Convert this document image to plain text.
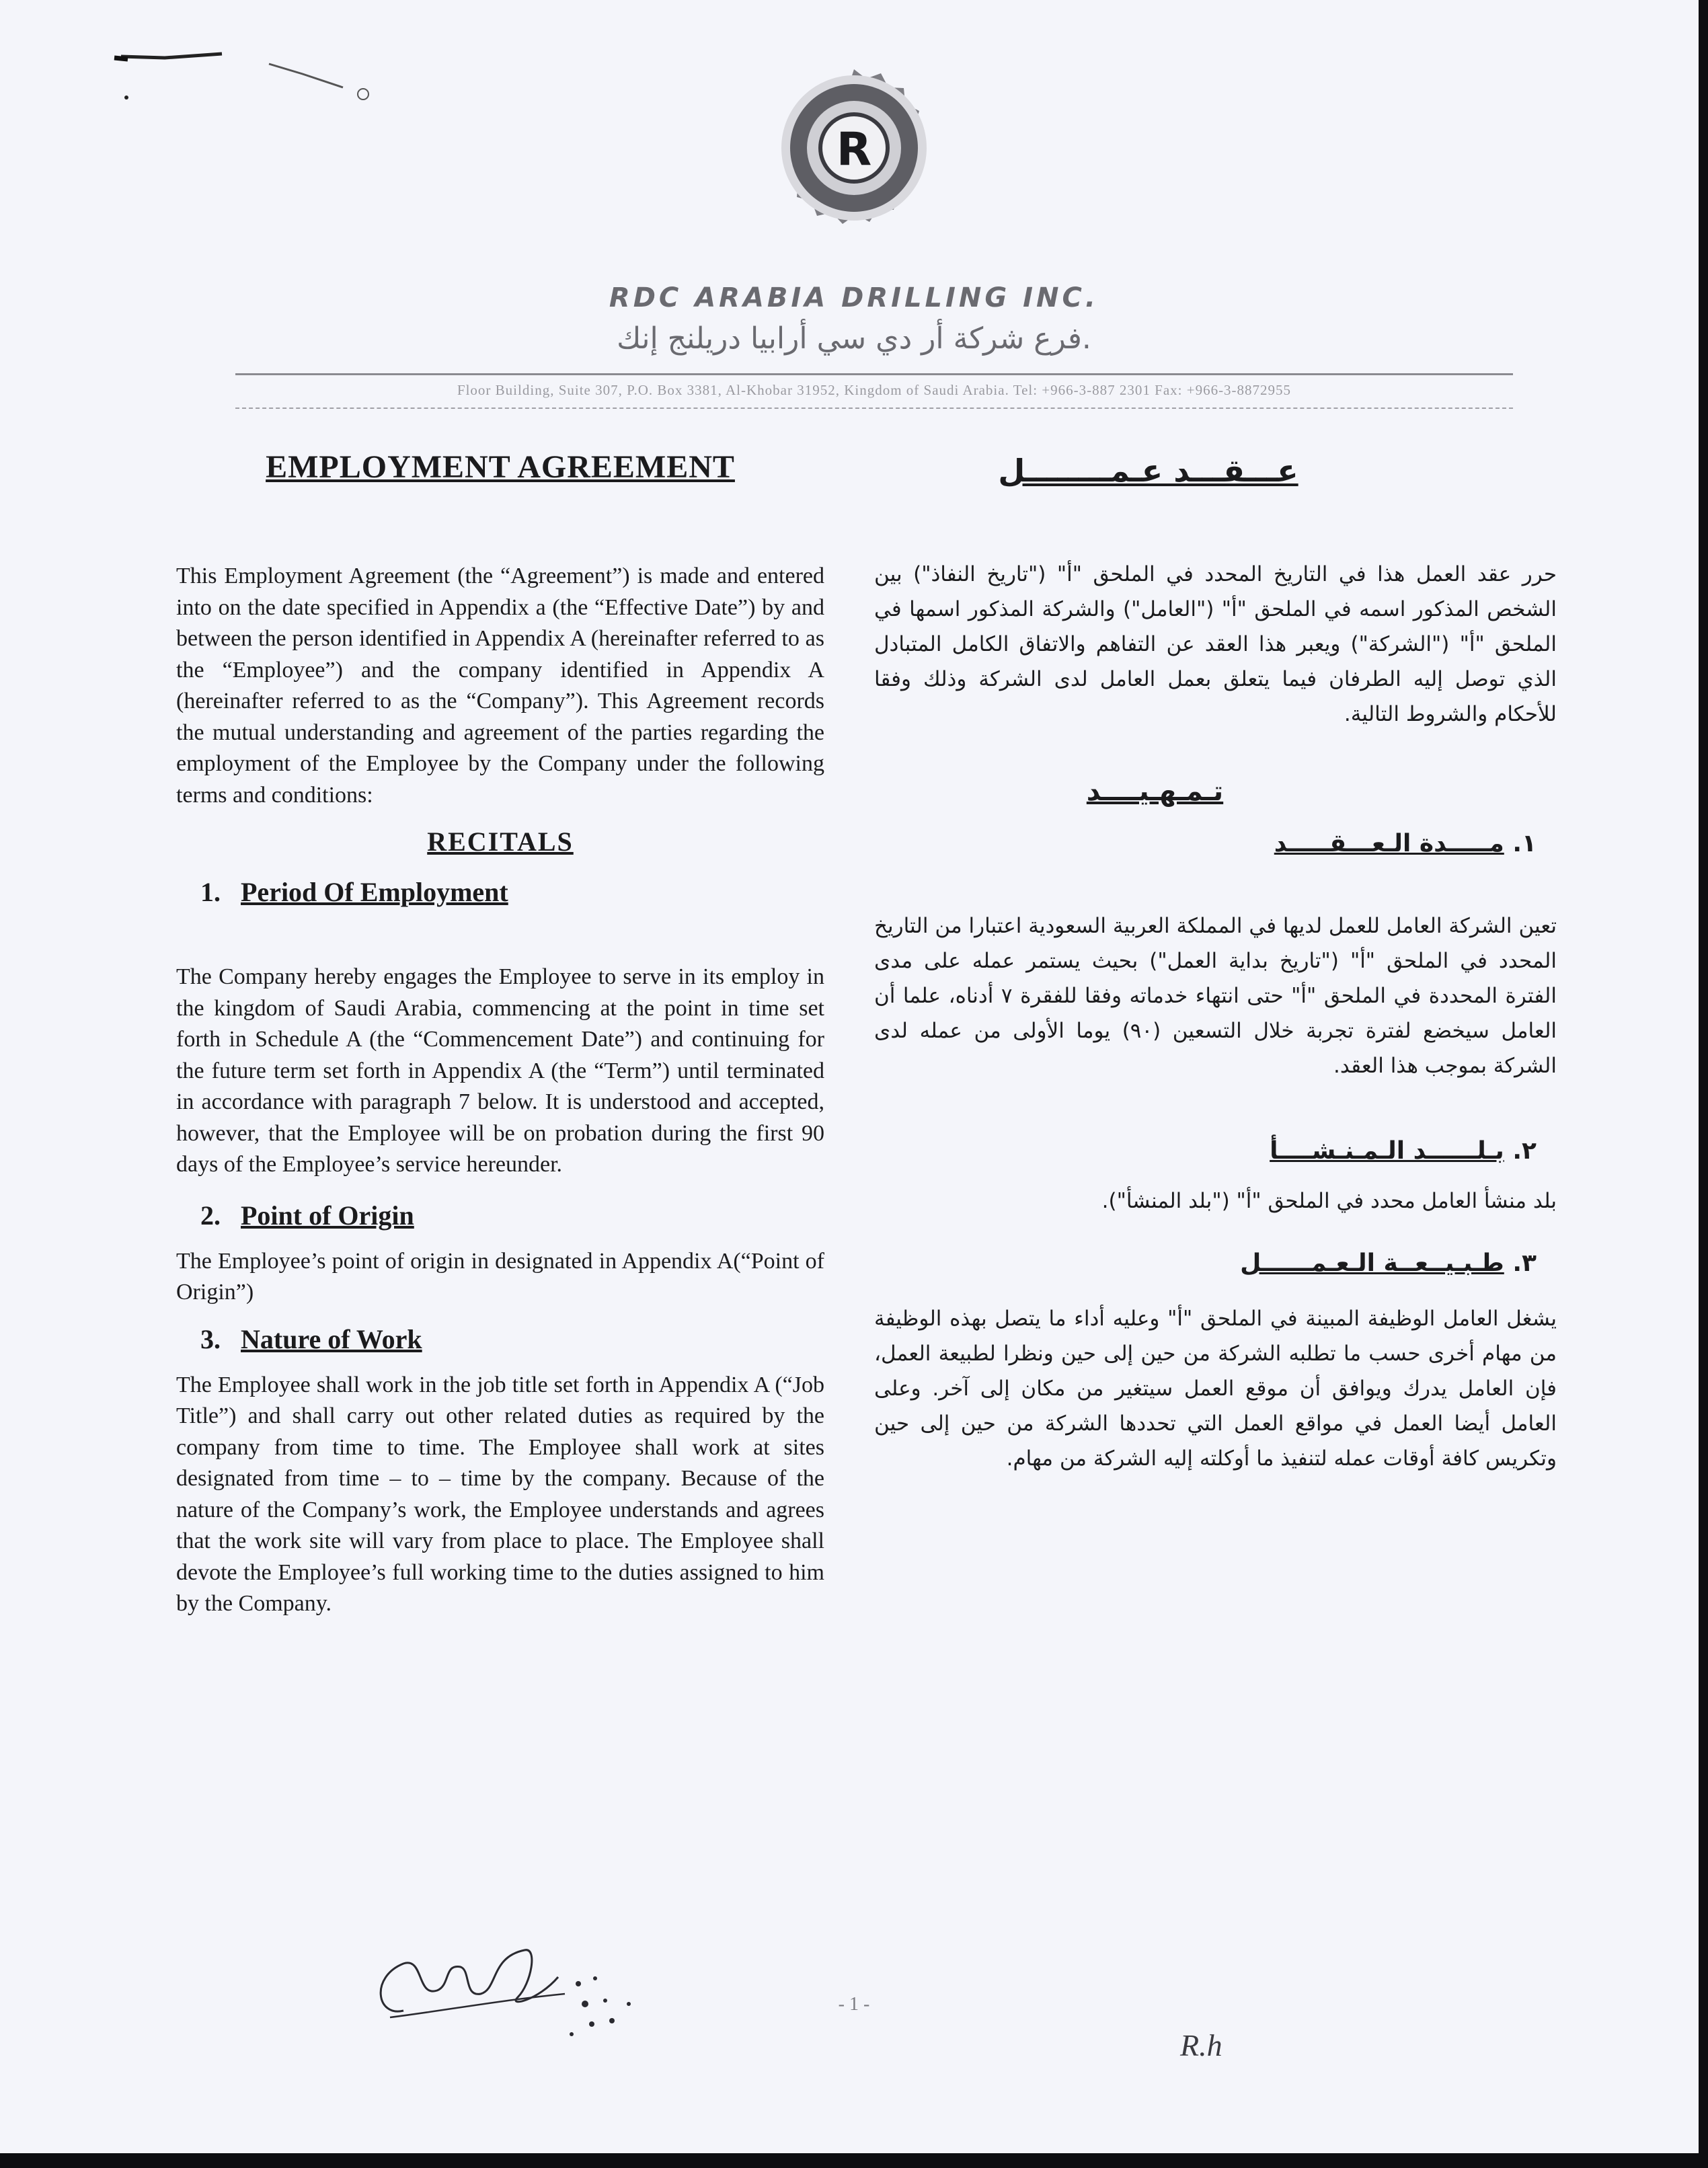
R
RDC ARABIA DRILLING INC.
فرع شركة أر دي سي أرابيا دريلنج إنك.
Floor Building, Suite 307, P.O. Box 3381, Al-Khobar 31952, Kingdom of Saudi Arabia. Tel: +966-3-887 2301 Fax: +966-3-8872955
EMPLOYMENT AGREEMENT

This Employment Agreement (the “Agreement”) is made and entered into on the date specified in Appendix a (the “Effective Date”) by and between the person identified in Appendix A (hereinafter referred to as the “Employee”) and the company identified in Appendix A (hereinafter referred to as the “Company”). This Agreement records the mutual understanding and agreement of the parties regarding the employment of the Employee by the Company under the following terms and conditions:

RECITALS
1. Period Of Employment

The Company hereby engages the Employee to serve in its employ in the kingdom of Saudi Arabia, commencing at the point in time set forth in Schedule A (the “Commencement Date”) and continuing for the future term set forth in Appendix A (the “Term”) until terminated in accordance with paragraph 7 below. It is understood and accepted, however, that the Employee will be on probation during the first 90 days of the Employee’s service hereunder.

2. Point of Origin

The Employee’s point of origin in designated in Appendix A(“Point of Origin”)

3. Nature of Work

The Employee shall work in the job title set forth in Appendix A (“Job Title”) and shall carry out other related duties as required by the company from time to time. The Employee shall work at sites designated from time – to – time by the company. Because of the nature of the Company’s work, the Employee understands and agrees that the work site will vary from place to place. The Employee shall devote the Employee’s full working time to the duties assigned to him by the Company.

عـــقـــد عـمــــــــل

حرر عقد العمل هذا في التاريخ المحدد في الملحق "أ" ("تاريخ النفاذ") بين الشخص المذكور اسمه في الملحق "أ" ("العامل") والشركة المذكور اسمها في الملحق "أ" ("الشركة") ويعبر هذا العقد عن التفاهم والاتفاق الكامل المتبادل الذي توصل إليه الطرفان فيما يتعلق بعمل العامل لدى الشركة وذلك وفقا للأحكام والشروط التالية.

تـمـهـيــــد
١. مـــــدة الـعـــقـــــد

تعين الشركة العامل للعمل لديها في المملكة العربية السعودية اعتبارا من التاريخ المحدد في الملحق "أ" ("تاريخ بداية العمل") بحيث يستمر عمله على مدى الفترة المحددة في الملحق "أ" حتى انتهاء خدماته وفقا للفقرة ٧ أدناه، علما أن العامل سيخضع لفترة تجربة خلال التسعين (٩٠) يوما الأولى من عمله لدى الشركة بموجب هذا العقد.

٢. بـلــــــد الـمـنـشــــأ

بلد منشأ العامل محدد في الملحق "أ" ("بلد المنشأ").

٣. طـبـيــعــة الـعـمــــــل

يشغل العامل الوظيفة المبينة في الملحق "أ" وعليه أداء ما يتصل بهذه الوظيفة من مهام أخرى حسب ما تطلبه الشركة من حين إلى حين ونظرا لطبيعة العمل، فإن العامل يدرك ويوافق أن موقع العمل سيتغير من مكان إلى آخر. وعلى العامل أيضا العمل في مواقع العمل التي تحددها الشركة من حين إلى حين وتكريس كافة أوقات عمله لتنفيذ ما أوكلته إليه الشركة من مهام.

- 1 -
R.h
